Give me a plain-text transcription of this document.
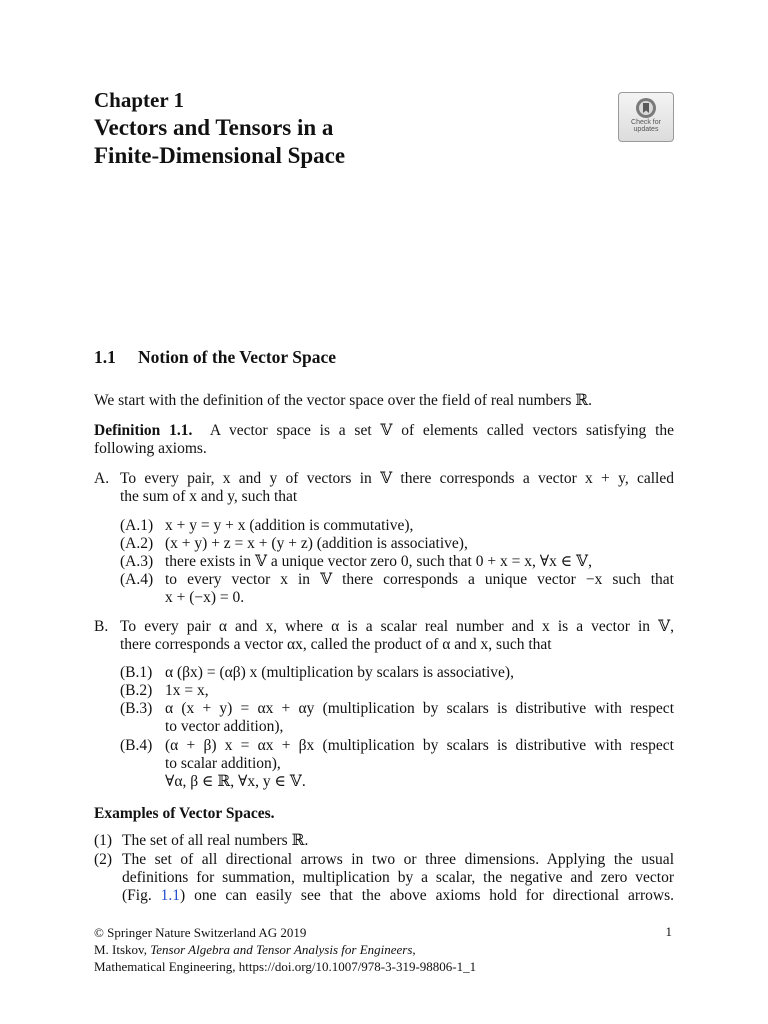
Chapter 1
Vectors and Tensors in a
Finite-Dimensional Space
Check for
updates
1.1 Notion of the Vector Space
We start with the definition of the vector space over the field of real numbers ℝ.
Definition 1.1. A vector space is a set 𝕍 of elements called vectors satisfying the
following axioms.
A. To every pair, x and y of vectors in 𝕍 there corresponds a vector x + y, called
the sum of x and y, such that
(A.1) x + y = y + x (addition is commutative),
(A.2) (x + y) + z = x + (y + z) (addition is associative),
(A.3) there exists in 𝕍 a unique vector zero 0, such that 0 + x = x, ∀x ∈ 𝕍,
(A.4) to every vector x in 𝕍 there corresponds a unique vector −x such that
x + (−x) = 0.
B. To every pair α and x, where α is a scalar real number and x is a vector in 𝕍,
there corresponds a vector αx, called the product of α and x, such that
(B.1) α (βx) = (αβ) x (multiplication by scalars is associative),
(B.2) 1x = x,
(B.3) α (x + y) = αx + αy (multiplication by scalars is distributive with respect
to vector addition),
(B.4) (α + β) x = αx + βx (multiplication by scalars is distributive with respect
to scalar addition),
∀α, β ∈ ℝ, ∀x, y ∈ 𝕍.
Examples of Vector Spaces.
(1) The set of all real numbers ℝ.
(2) The set of all directional arrows in two or three dimensions. Applying the usual
definitions for summation, multiplication by a scalar, the negative and zero vector
(Fig. 1.1) one can easily see that the above axioms hold for directional arrows.
© Springer Nature Switzerland AG 2019
M. Itskov, Tensor Algebra and Tensor Analysis for Engineers,
Mathematical Engineering, https://doi.org/10.1007/978-3-319-98806-1_1
1
